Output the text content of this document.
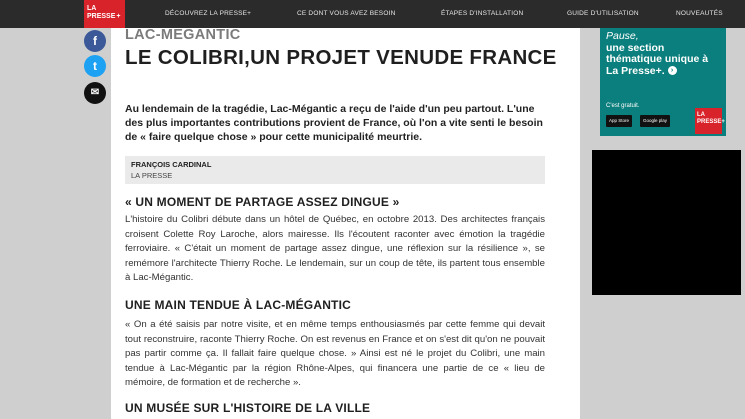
LA PRESSE+	DÉCOUVREZ LA PRESSE+	CE DONT VOUS AVEZ BESOIN	ÉTAPES D'INSTALLATION	GUIDE D'UTILISATION	NOUVEAUTÉS
f
t
✉
LAC-MÉGANTIC
LE COLIBRI,UN PROJET VENUDE FRANCE

Au lendemain de la tragédie, Lac-Mégantic a reçu de l'aide d'un peu partout. L'une des plus importantes contributions provient de France, où l'on a vite senti le besoin de « faire quelque chose » pour cette municipalité meurtrie.

FRANÇOIS CARDINAL
LA PRESSE
« UN MOMENT DE PARTAGE ASSEZ DINGUE »

L'histoire du Colibri débute dans un hôtel de Québec, en octobre 2013. Des architectes français croisent Colette Roy Laroche, alors mairesse. Ils l'écoutent raconter avec émotion la tragédie ferroviaire. « C'était un moment de partage assez dingue, une réflexion sur la résilience », se remémore l'architecte Thierry Roche. Le lendemain, sur un coup de tête, ils partent tous ensemble à Lac-Mégantic.

UNE MAIN TENDUE À LAC-MÉGANTIC

« On a été saisis par notre visite, et en même temps enthousiasmés par cette femme qui devait tout reconstruire, raconte Thierry Roche. On est revenus en France et on s'est dit qu'on ne pouvait pas partir comme ça. Il fallait faire quelque chose. » Ainsi est né le projet du Colibri, une main tendue à Lac-Mégantic par la région Rhône-Alpes, qui financera une partie de ce « lieu de mémoire, de formation et de recherche ».

UN MUSÉE SUR L'HISTOIRE DE LA VILLE
Pause,
une section thématique unique à La Presse+. ›
C'est gratuit.
App Store	Google play
LA PRESSE+
